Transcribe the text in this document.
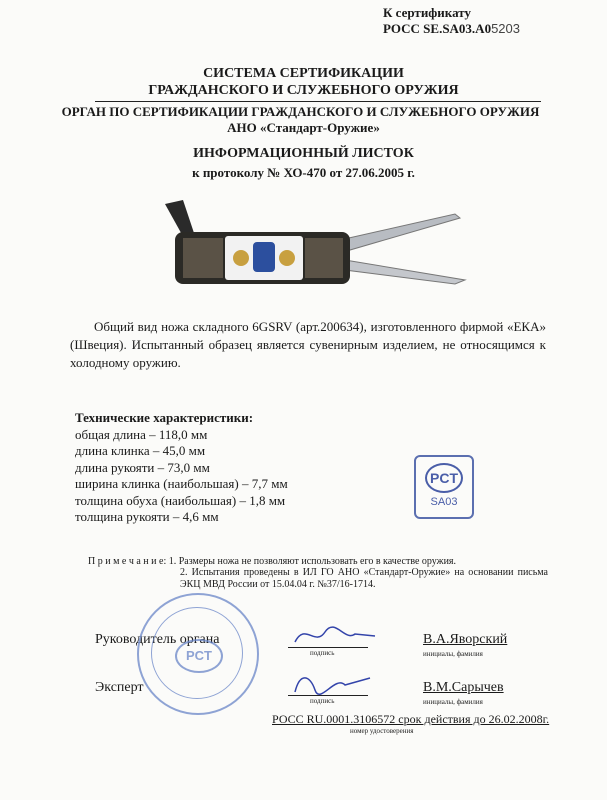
К сертификату
РОСС SE.SA03.A05203
СИСТЕМА СЕРТИФИКАЦИИ
ГРАЖДАНСКОГО И СЛУЖЕБНОГО ОРУЖИЯ
ОРГАН ПО СЕРТИФИКАЦИИ ГРАЖДАНСКОГО И СЛУЖЕБНОГО ОРУЖИЯ
АНО «Стандарт-Оружие»
ИНФОРМАЦИОННЫЙ ЛИСТОК
к протоколу № ХО-470 от 27.06.2005 г.

Общий вид ножа складного 6GSRV (арт.200634), изготовленного фирмой «ЕКА» (Швеция). Испытанный образец является сувенирным изделием, не относящимся к холодному оружию.

Технические характеристики:
общая длина – 118,0 мм
длина клинка – 45,0 мм
длина рукояти – 73,0 мм
ширина клинка (наибольшая) – 7,7 мм
толщина обуха (наибольшая) – 1,8 мм
толщина рукояти – 4,6 мм
PCT
SA03
П р и м е ч а н и е: 1. Размеры ножа не позволяют использовать его в качестве оружия.
2. Испытания проведены в ИЛ ГО АНО «Стандарт-Оружие» на основании письма ЭКЦ МВД России от 15.04.04 г. №37/16-1714.
Руководитель органа
подпись
В.А.Яворский
инициалы, фамилия
Эксперт
подпись
В.М.Сарычев
инициалы, фамилия
PCT
РОСС RU.0001.3106572 срок действия до 26.02.2008г.
номер удостоверения
